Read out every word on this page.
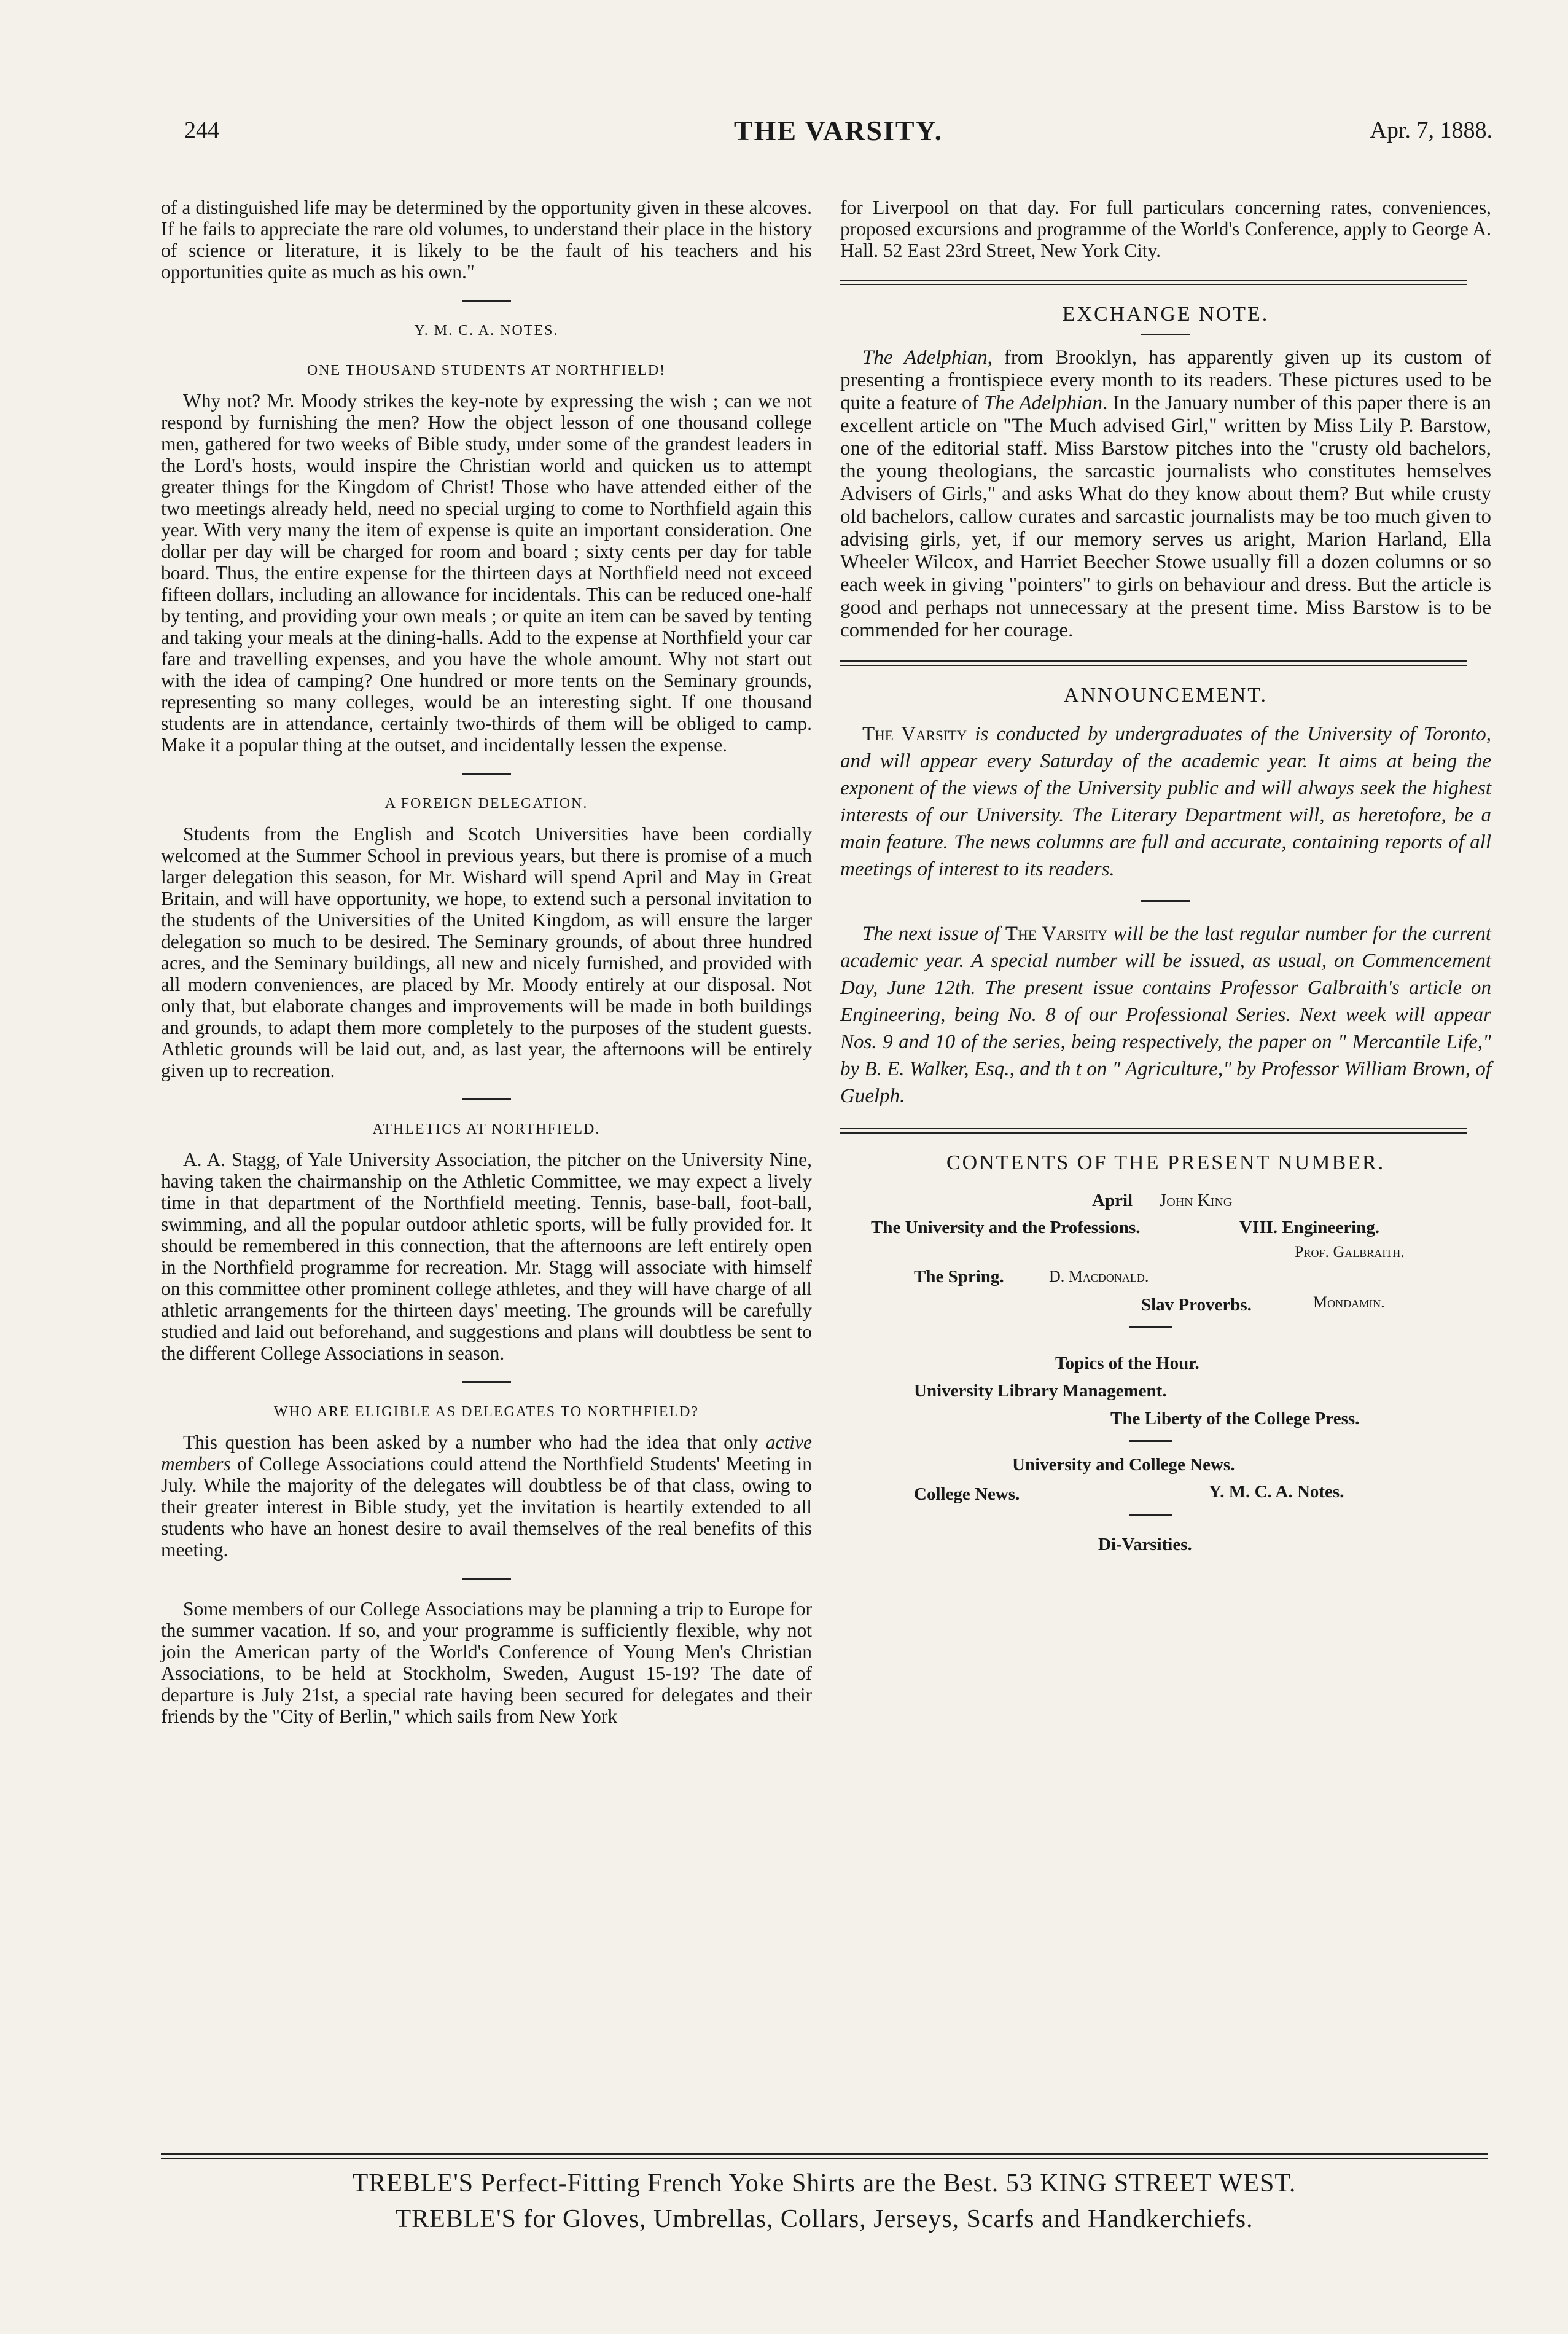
244	THE VARSITY.	Apr. 7, 1888.

of a distinguished life may be determined by the opportunity given in these alcoves. If he fails to appreciate the rare old volumes, to understand their place in the history of science or literature, it is likely to be the fault of his teachers and his opportunities quite as much as his own."

Y. M. C. A. NOTES.
ONE THOUSAND STUDENTS AT NORTHFIELD!

Why not? Mr. Moody strikes the key-note by expressing the wish ; can we not respond by furnishing the men? How the object lesson of one thousand college men, gathered for two weeks of Bible study, under some of the grandest leaders in the Lord's hosts, would inspire the Christian world and quicken us to attempt greater things for the Kingdom of Christ! Those who have attended either of the two meetings already held, need no special urging to come to Northfield again this year. With very many the item of expense is quite an important consideration. One dollar per day will be charged for room and board ; sixty cents per day for table board. Thus, the entire expense for the thirteen days at Northfield need not exceed fifteen dollars, including an allowance for incidentals. This can be reduced one-half by tenting, and providing your own meals ; or quite an item can be saved by tenting and taking your meals at the dining-halls. Add to the expense at Northfield your car fare and travelling expenses, and you have the whole amount. Why not start out with the idea of camping? One hundred or more tents on the Seminary grounds, representing so many colleges, would be an interesting sight. If one thousand students are in attendance, certainly two-thirds of them will be obliged to camp. Make it a popular thing at the outset, and incidentally lessen the expense.

A FOREIGN DELEGATION.

Students from the English and Scotch Universities have been cordially welcomed at the Summer School in previous years, but there is promise of a much larger delegation this season, for Mr. Wishard will spend April and May in Great Britain, and will have opportunity, we hope, to extend such a personal invitation to the students of the Universities of the United Kingdom, as will ensure the larger delegation so much to be desired. The Seminary grounds, of about three hundred acres, and the Seminary buildings, all new and nicely furnished, and provided with all modern conveniences, are placed by Mr. Moody entirely at our disposal. Not only that, but elaborate changes and improvements will be made in both buildings and grounds, to adapt them more completely to the purposes of the student guests. Athletic grounds will be laid out, and, as last year, the afternoons will be entirely given up to recreation.

ATHLETICS AT NORTHFIELD.

A. A. Stagg, of Yale University Association, the pitcher on the University Nine, having taken the chairmanship on the Athletic Committee, we may expect a lively time in that department of the Northfield meeting. Tennis, base-ball, foot-ball, swimming, and all the popular outdoor athletic sports, will be fully provided for. It should be remembered in this connection, that the afternoons are left entirely open in the Northfield programme for recreation. Mr. Stagg will associate with himself on this committee other prominent college athletes, and they will have charge of all athletic arrangements for the thirteen days' meeting. The grounds will be carefully studied and laid out beforehand, and suggestions and plans will doubtless be sent to the different College Associations in season.

WHO ARE ELIGIBLE AS DELEGATES TO NORTHFIELD?

This question has been asked by a number who had the idea that only active members of College Associations could attend the Northfield Students' Meeting in July. While the majority of the delegates will doubtless be of that class, owing to their greater interest in Bible study, yet the invitation is heartily extended to all students who have an honest desire to avail themselves of the real benefits of this meeting.

Some members of our College Associations may be planning a trip to Europe for the summer vacation. If so, and your programme is sufficiently flexible, why not join the American party of the World's Conference of Young Men's Christian Associations, to be held at Stockholm, Sweden, August 15-19? The date of departure is July 21st, a special rate having been secured for delegates and their friends by the "City of Berlin," which sails from New York

for Liverpool on that day. For full particulars concerning rates, conveniences, proposed excursions and programme of the World's Conference, apply to George A. Hall. 52 East 23rd Street, New York City.

EXCHANGE NOTE.

The Adelphian, from Brooklyn, has apparently given up its custom of presenting a frontispiece every month to its readers. These pictures used to be quite a feature of The Adelphian. In the January number of this paper there is an excellent article on "The Much advised Girl," written by Miss Lily P. Barstow, one of the editorial staff. Miss Barstow pitches into the "crusty old bachelors, the young theologians, the sarcastic journalists who constitutes hemselves Advisers of Girls," and asks What do they know about them? But while crusty old bachelors, callow curates and sarcastic journalists may be too much given to advising girls, yet, if our memory serves us aright, Marion Harland, Ella Wheeler Wilcox, and Harriet Beecher Stowe usually fill a dozen columns or so each week in giving "pointers" to girls on behaviour and dress. But the article is good and perhaps not unnecessary at the present time. Miss Barstow is to be commended for her courage.

ANNOUNCEMENT.

The Varsity is conducted by undergraduates of the University of Toronto, and will appear every Saturday of the academic year. It aims at being the exponent of the views of the University public and will always seek the highest interests of our University. The Literary Department will, as heretofore, be a main feature. The news columns are full and accurate, containing reports of all meetings of interest to its readers.

The next issue of The Varsity will be the last regular number for the current academic year. A special number will be issued, as usual, on Commencement Day, June 12th. The present issue contains Professor Galbraith's article on Engineering, being No. 8 of our Professional Series. Next week will appear Nos. 9 and 10 of the series, being respectively, the paper on " Mercantile Life," by B. E. Walker, Esq., and th t on " Agriculture," by Professor William Brown, of Guelph.

CONTENTS OF THE PRESENT NUMBER.
April John King
The University and the Professions.	VIII. Engineering.
Prof. Galbraith.
The Spring.	D. Macdonald.
Slav Proverbs.	Mondamin.
Topics of the Hour.
University Library Management.
The Liberty of the College Press.
University and College News.
College News.	Y. M. C. A. Notes.
Di-Varsities.
TREBLE'S Perfect-Fitting French Yoke Shirts are the Best. 53 KING STREET WEST.
TREBLE'S for Gloves, Umbrellas, Collars, Jerseys, Scarfs and Handkerchiefs.
